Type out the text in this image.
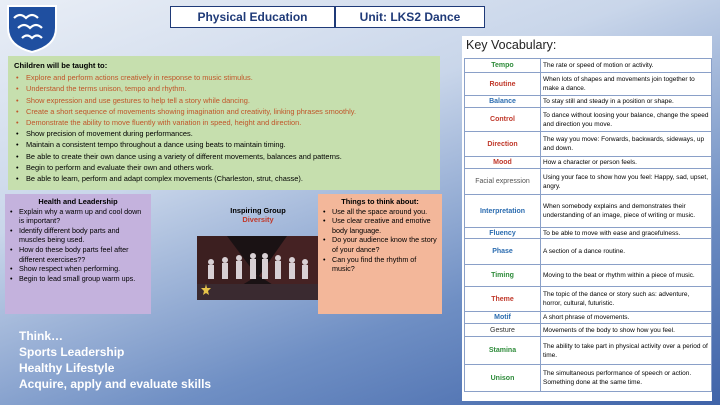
Physical Education	Unit: LKS2 Dance
Children will be taught to:
• Explore and perform actions creatively in response to music stimulus.
• Understand the terms unison, tempo and rhythm.
• Show expression and use gestures to help tell a story while dancing.
• Create a short sequence of movements showing imagination and creativity, linking phrases smoothly.
• Demonstrate the ability to move fluently with variation in speed, height and direction.
• Show precision of movement during performances.
• Maintain a consistent tempo throughout a dance using beats to maintain timing.
• Be able to create their own dance using a variety of different movements, balances and patterns.
• Begin to perform and evaluate their own and others work.
• Be able to learn, perform and adapt complex movements (Charleston, strut, chasse).
Health and Leadership
• Explain why a warm up and cool down is important?
• Identify different body parts and muscles being used.
• How do these body parts feel after different exercises??
• Show respect when performing.
• Begin to lead small group warm ups.
Inspiring Group
Diversity
Things to think about:
• Use all the space around you.
• Use clear creative and emotive body language.
• Do your audience know the story of your dance?
• Can you find the rhythm of music?
Think…
Sports Leadership
Healthy Lifestyle
Acquire, apply and evaluate skills
Key Vocabulary:
Tempo	The rate or speed of motion or activity.
Routine	When lots of shapes and movements join together to make a dance.
Balance	To stay still and steady in a position or shape.
Control	To dance without loosing your balance, change the speed and direction you move.
Direction	The way you move: Forwards, backwards, sideways, up and down.
Mood	How a character or person feels.
Facial expression	Using your face to show how you feel: Happy, sad, upset, angry.
Interpretation	When somebody explains and demonstrates their understanding of an image, piece of writing or music.
Fluency	To be able to move with ease and gracefulness.
Phase	A section of a dance routine.
Timing	Moving to the beat or rhythm within a piece of music.
Theme	The topic of the dance or story such as: adventure, horror, cultural, futuristic.
Motif	A short phrase of movements.
Gesture	Movements of the body to show how you feel.
Stamina	The ability to take part in physical activity over a period of time.
Unison	The simultaneous performance of speech or action. Something done at the same time.
